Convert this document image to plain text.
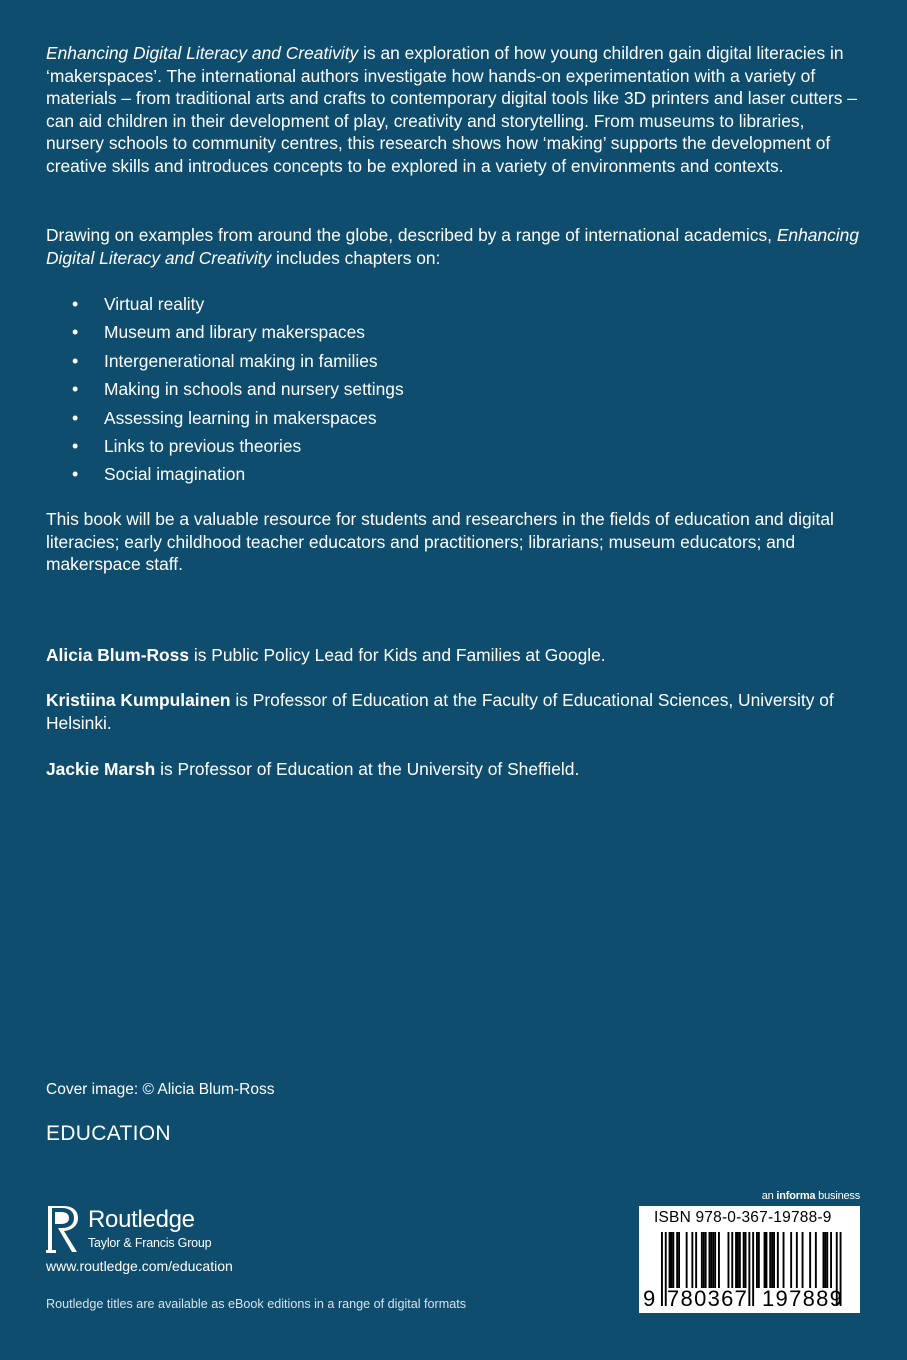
Enhancing Digital Literacy and Creativity is an exploration of how young children gain digital literacies in ‘makerspaces’. The international authors investigate how hands-on experimentation with a variety of materials – from traditional arts and crafts to contemporary digital tools like 3D printers and laser cutters – can aid children in their development of play, creativity and storytelling. From museums to libraries, nursery schools to community centres, this research shows how ‘making’ supports the development of creative skills and introduces concepts to be explored in a variety of environments and contexts.

Drawing on examples from around the globe, described by a range of international academics, Enhancing Digital Literacy and Creativity includes chapters on:

• Virtual reality
• Museum and library makerspaces
• Intergenerational making in families
• Making in schools and nursery settings
• Assessing learning in makerspaces
• Links to previous theories
• Social imagination

This book will be a valuable resource for students and researchers in the fields of education and digital literacies; early childhood teacher educators and practitioners; librarians; museum educators; and makerspace staff.

Alicia Blum-Ross is Public Policy Lead for Kids and Families at Google.

Kristiina Kumpulainen is Professor of Education at the Faculty of Educational Sciences, University of Helsinki.

Jackie Marsh is Professor of Education at the University of Sheffield.

Cover image: © Alicia Blum-Ross
EDUCATION
Routledge
Taylor & Francis Group
www.routledge.com/education
Routledge titles are available as eBook editions in a range of digital formats
an informa business
ISBN 978-0-367-19788-9
9 780367 197889
